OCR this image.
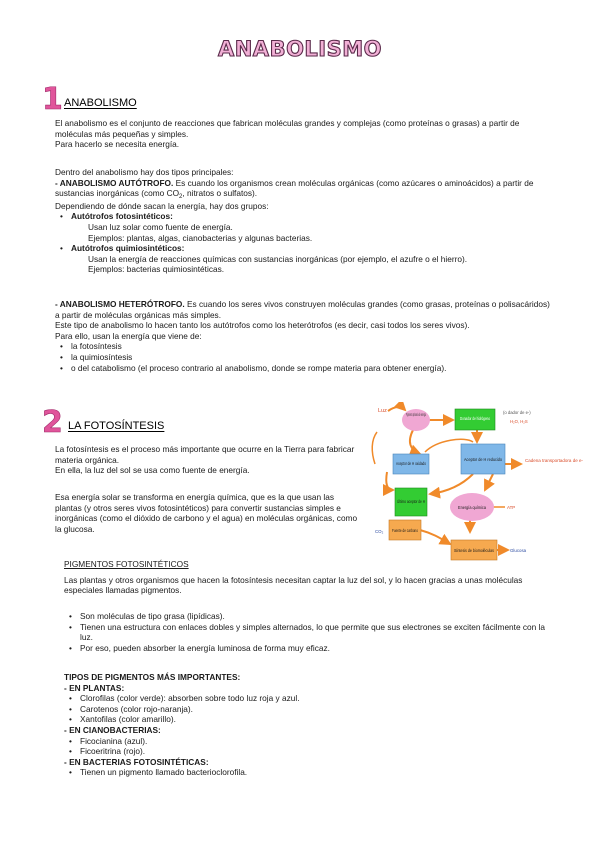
ANABOLISMO
1 ANABOLISMO

El anabolismo es el conjunto de reacciones que fabrican moléculas grandes y complejas (como proteínas o grasas) a partir de moléculas más pequeñas y simples.

Para hacerlo se necesita energía.

Dentro del anabolismo hay dos tipos principales:

- ANABOLISMO AUTÓTROFO. Es cuando los organismos crean moléculas orgánicas (como azúcares o aminoácidos) a partir de sustancias inorgánicas (como $CO_2$, nitratos o sulfatos).

Dependiendo de dónde sacan la energía, hay dos grupos:

• Autótrofos fotosintéticos:

Usan luz solar como fuente de energía.

Ejemplos: plantas, algas, cianobacterias y algunas bacterias.

• Autótrofos quimiosintéticos:

Usan la energía de reacciones químicas con sustancias inorgánicas (por ejemplo, el azufre o el hierro).

Ejemplos: bacterias quimiosintéticas.

- ANABOLISMO HETERÓTROFO. Es cuando los seres vivos construyen moléculas grandes (como grasas, proteínas o polisacáridos) a partir de moléculas orgánicas más simples.

Este tipo de anabolismo lo hacen tanto los autótrofos como los heterótrofos (es decir, casi todos los seres vivos).

Para ello, usan la energía que viene de:

• la fotosíntesis

• la quimiosíntesis

• o del catabolismo (el proceso contrario al anabolismo, donde se rompe materia para obtener energía).

2 LA FOTOSÍNTESIS

La fotosíntesis es el proceso más importante que ocurre en la Tierra para fabricar materia orgánica.

En ella, la luz del sol se usa como fuente de energía.

Esa energía solar se transforma en energía química, que es la que usan las plantas (y otros seres vivos fotosintéticos) para convertir sustancias simples e inorgánicas (como el dióxido de carbono y el agua) en moléculas orgánicas, como la glucosa.

Luz
Pigmento primario de energía
Donador de hidrógeno
(o dador de e-)
H₂O, H₂S
Aceptor de H oxidado
Aceptor de H reducido	Cadena transportadora de e-
Último aceptor de H
Energía química	ATP
Fuente de carbono
CO₂
Síntesis de biomoléculas	Glucosa

PIGMENTOS FOTOSINTÉTICOS

Las plantas y otros organismos que hacen la fotosíntesis necesitan captar la luz del sol, y lo hacen gracias a unas moléculas especiales llamadas pigmentos.

• Son moléculas de tipo grasa (lipídicas).

• Tienen una estructura con enlaces dobles y simples alternados, lo que permite que sus electrones se exciten fácilmente con la luz.

• Por eso, pueden absorber la energía luminosa de forma muy eficaz.

TIPOS DE PIGMENTOS MÁS IMPORTANTES:

- EN PLANTAS:

• Clorofilas (color verde): absorben sobre todo luz roja y azul.

• Carotenos (color rojo-naranja).

• Xantofilas (color amarillo).

- EN CIANOBACTERIAS:

• Ficocianina (azul).

• Ficoeritrina (rojo).

- EN BACTERIAS FOTOSINTÉTICAS:

• Tienen un pigmento llamado bacterioclorofila.
